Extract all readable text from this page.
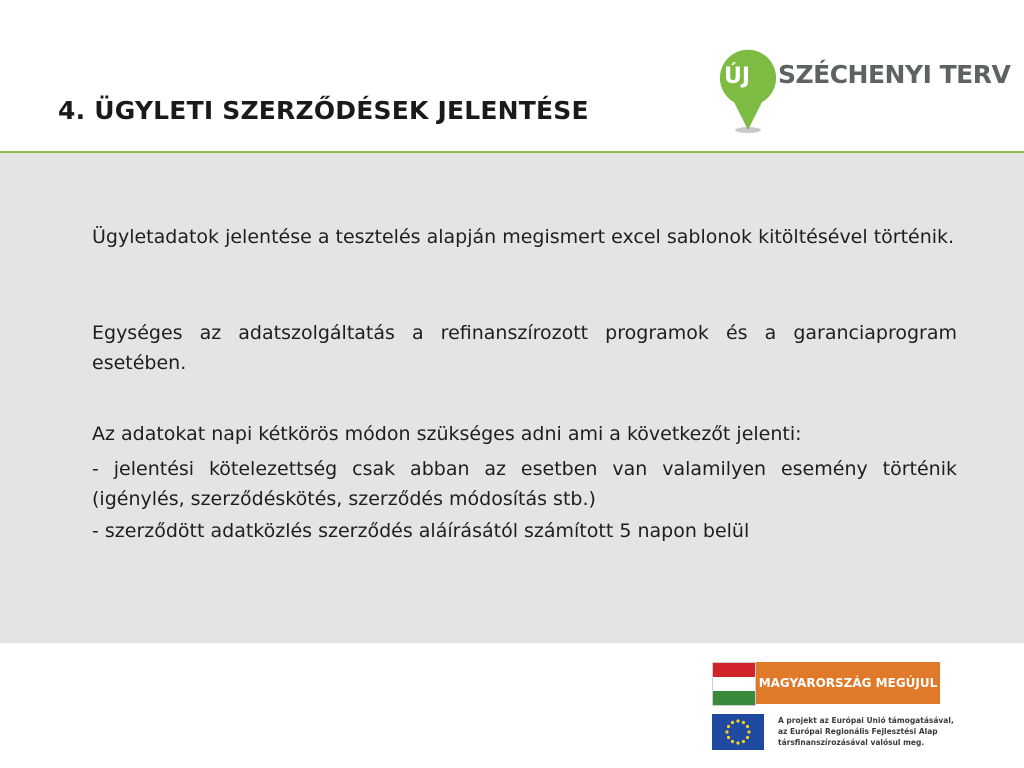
4. ÜGYLETI SZERZŐDÉSEK JELENTÉSE
ÚJ SZÉCHENYI TERV
Ügyletadatok jelentése a tesztelés alapján megismert excel sablonok kitöltésével történik.
Egységes az adatszolgáltatás a refinanszírozott programok és a garanciaprogram esetében.
Az adatokat napi kétkörös módon szükséges adni ami a következőt jelenti:
- jelentési kötelezettség csak abban az esetben van valamilyen esemény történik (igénylés, szerződéskötés, szerződés módosítás stb.)
- szerződött adatközlés szerződés aláírásától számított 5 napon belül
MAGYARORSZÁG MEGÚJUL
A projekt az Európai Unió támogatásával,
az Európai Regionális Fejlesztési Alap
társfinanszírozásával valósul meg.
